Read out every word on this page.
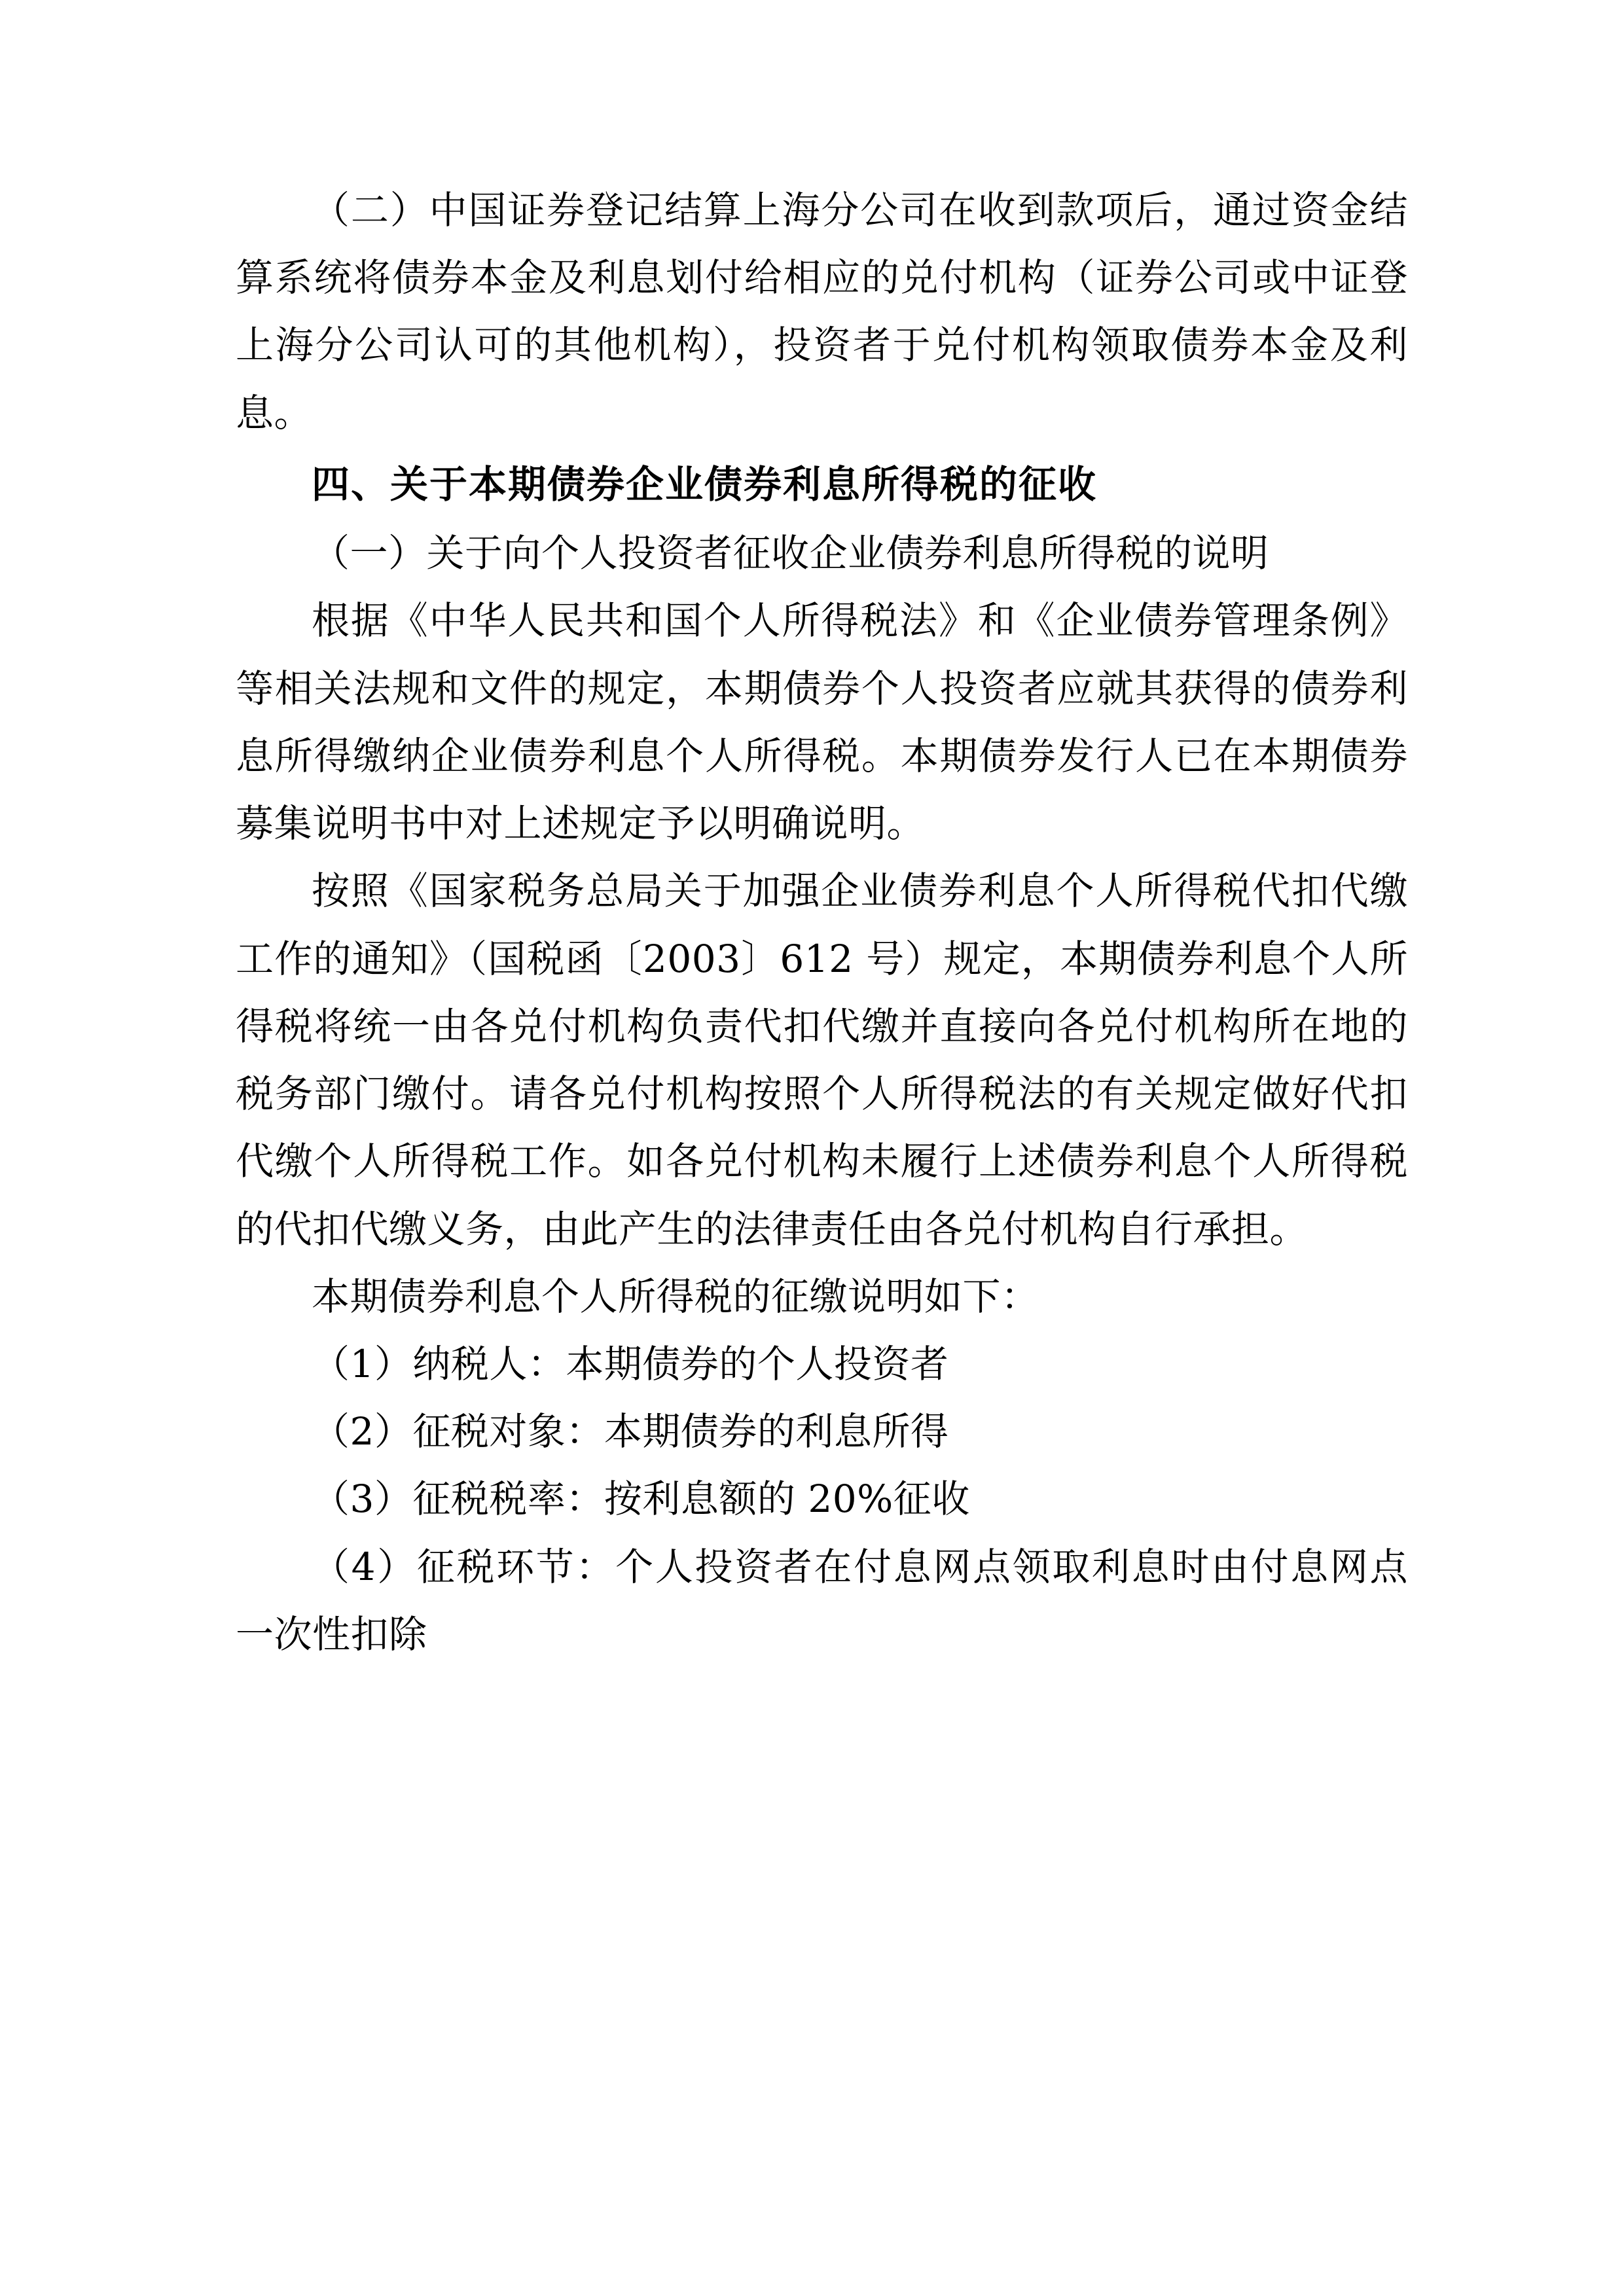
（二）中国证券登记结算上海分公司在收到款项后，通过资金结算系统将债券本金及利息划付给相应的兑付机构（证券公司或中证登上海分公司认可的其他机构），投资者于兑付机构领取债券本金及利息。

四、关于本期债券企业债券利息所得税的征收

（一）关于向个人投资者征收企业债券利息所得税的说明

根据《中华人民共和国个人所得税法》和《企业债券管理条例》等相关法规和文件的规定，本期债券个人投资者应就其获得的债券利息所得缴纳企业债券利息个人所得税。本期债券发行人已在本期债券募集说明书中对上述规定予以明确说明。

按照《国家税务总局关于加强企业债券利息个人所得税代扣代缴工作的通知》（国税函〔2003〕612 号）规定，本期债券利息个人所得税将统一由各兑付机构负责代扣代缴并直接向各兑付机构所在地的税务部门缴付。请各兑付机构按照个人所得税法的有关规定做好代扣代缴个人所得税工作。如各兑付机构未履行上述债券利息个人所得税的代扣代缴义务，由此产生的法律责任由各兑付机构自行承担。

本期债券利息个人所得税的征缴说明如下：

（1）纳税人：本期债券的个人投资者

（2）征税对象：本期债券的利息所得

（3）征税税率：按利息额的 20%征收

（4）征税环节：个人投资者在付息网点领取利息时由付息网点一次性扣除
